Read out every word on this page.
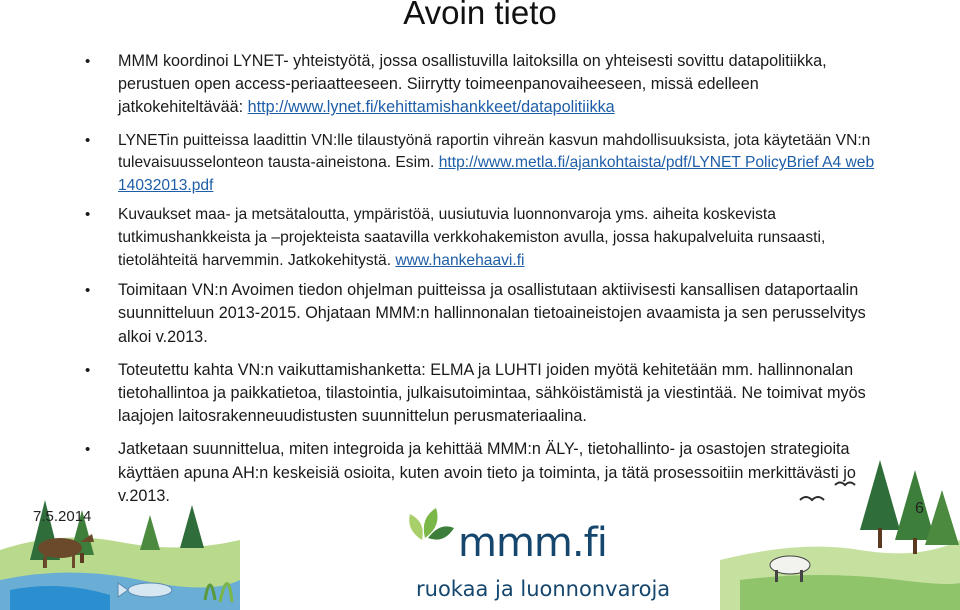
Avoin tieto
• MMM koordinoi LYNET- yhteistyötä, jossa osallistuvilla laitoksilla on yhteisesti sovittu datapolitiikka, perustuen open access-periaatteeseen. Siirrytty toimeenpanovaiheeseen, missä edelleen jatkokehiteltävää: http://www.lynet.fi/kehittamishankkeet/datapolitiikka
• LYNETin puitteissa laadittin VN:lle tilaustyönä raportin vihreän kasvun mahdollisuuksista, jota käytetään VN:n tulevaisuusselonteon tausta-aineistona. Esim. http://www.metla.fi/ajankohtaista/pdf/LYNET PolicyBrief A4 web 14032013.pdf
• Kuvaukset maa- ja metsätaloutta, ympäristöä, uusiutuvia luonnonvaroja yms. aiheita koskevista tutkimushankkeista ja –projekteista saatavilla verkkohakemiston avulla, jossa hakupalveluita runsaasti, tietolähteitä harvemmin. Jatkokehitystä. www.hankehaavi.fi
• Toimitaan VN:n Avoimen tiedon ohjelman puitteissa ja osallistutaan aktiivisesti kansallisen dataportaalin suunnitteluun 2013-2015. Ohjataan MMM:n hallinnonalan tietoaineistojen avaamista ja sen perusselvitys alkoi v.2013.
• Toteutettu kahta VN:n vaikuttamishanketta: ELMA ja LUHTI joiden myötä kehitetään mm. hallinnonalan tietohallintoa ja paikkatietoa, tilastointia, julkaisutoimintaa, sähköistämistä ja viestintää. Ne toimivat myös laajojen laitosrakenneuudistusten suunnittelun perusmateriaalina.
• Jatketaan suunnittelua, miten integroida ja kehittää MMM:n ÄLY-, tietohallinto- ja osastojen strategioita käyttäen apuna AH:n keskeisiä osioita, kuten avoin tieto ja toiminta, ja tätä prosessoitiin merkittävästi jo v.2013.
7.5.2014	6
mmm.fi
ruokaa ja luonnonvaroja
